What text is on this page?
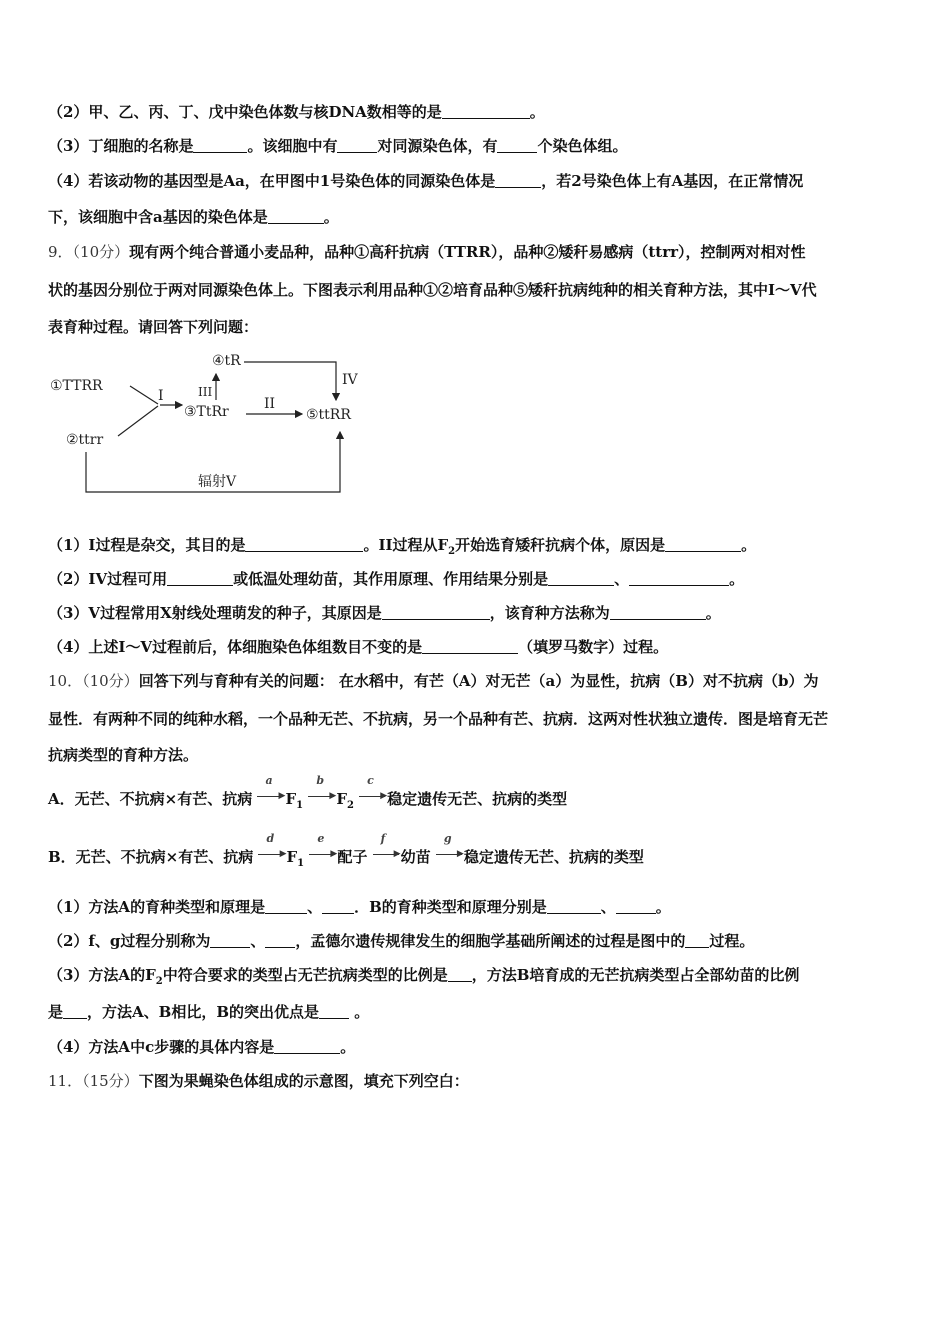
（2）甲、乙、丙、丁、戊中染色体数与核DNA数相等的是	。
（3）丁细胞的名称是	。该细胞中有	对同源染色体，有	个染色体组。
（4）若该动物的基因型是Aa，在甲图中1号染色体的同源染色体是	，若2号染色体上有A基因，在正常情况
下，该细胞中含a基因的染色体是	。
9．（10分）现有两个纯合普通小麦品种，品种①高秆抗病（TTRR），品种②矮秆易感病（ttrr），控制两对相对性
状的基因分别位于两对同源染色体上。下图表示利用品种①②培育品种⑤矮秆抗病纯种的相关育种方法，其中I～V代
表育种过程。请回答下列问题：
①TTRR
②ttrr
③TtRr
④tR
⑤ttRR
I	III
II
IV
辐射V
（1）I过程是杂交，其目的是	。II过程从$F_2$开始选育矮秆抗病个体，原因是	。
（2）IV过程可用	或低温处理幼苗，其作用原理、作用结果分别是	、	。
（3）V过程常用X射线处理萌发的种子，其原因是	，该育种方法称为	。
（4）上述I～V过程前后，体细胞染色体组数目不变的是	（填罗马数字）过程。
10．（10分）回答下列与育种有关的问题： 在水稻中，有芒（A）对无芒（a）为显性，抗病（B）对不抗病（b）为
显性．有两种不同的纯种水稻，一个品种无芒、不抗病，另一个品种有芒、抗病．这两对性状独立遗传．图是培育无芒
抗病类型的育种方法。
A．无芒、不抗病×有芒、抗病
a
▶ $F_1$
b
▶ $F_2$
c
▶ 稳定遗传无芒、抗病的类型
B．无芒、不抗病×有芒、抗病
d
▶ $F_1$
e
▶ 配子
f
▶ 幼苗
g
▶ 稳定遗传无芒、抗病的类型
（1）方法A的育种类型和原理是	、 ．B的育种类型和原理分别是	、	。
（2）f、g过程分别称为	、 ，孟德尔遗传规律发生的细胞学基础所阐述的过程是图中的 过程。
（3）方法A的$F_2$中符合要求的类型占无芒抗病类型的比例是 ，方法B培育成的无芒抗病类型占全部幼苗的比例
是 ，方法A、B相比，B的突出优点是 。
（4）方法A中c步骤的具体内容是	。
11．（15分）下图为果蝇染色体组成的示意图，填充下列空白：
